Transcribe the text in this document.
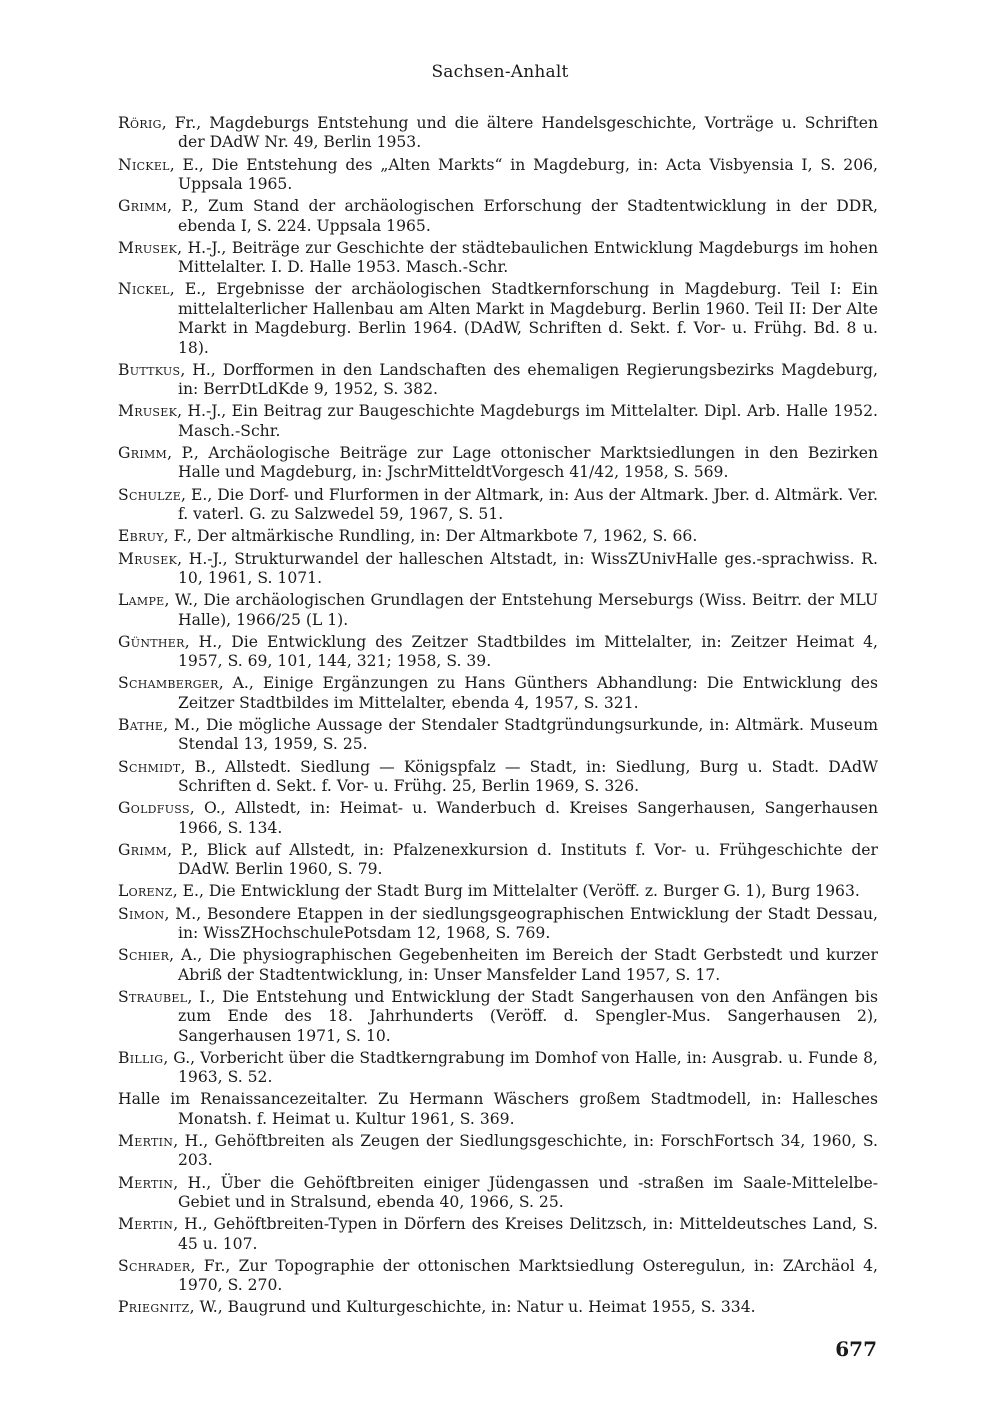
Sachsen-Anhalt
Rörig, Fr., Magdeburgs Entstehung und die ältere Handelsgeschichte, Vorträge u. Schriften der DAdW Nr. 49, Berlin 1953.
Nickel, E., Die Entstehung des „Alten Markts“ in Magdeburg, in: Acta Visbyensia I, S. 206, Uppsala 1965.
Grimm, P., Zum Stand der archäologischen Erforschung der Stadtentwicklung in der DDR, ebenda I, S. 224. Uppsala 1965.
Mrusek, H.-J., Beiträge zur Geschichte der städtebaulichen Entwicklung Magdeburgs im hohen Mittelalter. I. D. Halle 1953. Masch.-Schr.
Nickel, E., Ergebnisse der archäologischen Stadtkernforschung in Magdeburg. Teil I: Ein mittelalterlicher Hallenbau am Alten Markt in Magdeburg. Berlin 1960. Teil II: Der Alte Markt in Magdeburg. Berlin 1964. (DAdW, Schriften d. Sekt. f. Vor- u. Frühg. Bd. 8 u. 18).
Buttkus, H., Dorfformen in den Landschaften des ehemaligen Regierungsbezirks Magdeburg, in: BerrDtLdKde 9, 1952, S. 382.
Mrusek, H.-J., Ein Beitrag zur Baugeschichte Magdeburgs im Mittelalter. Dipl. Arb. Halle 1952. Masch.-Schr.
Grimm, P., Archäologische Beiträge zur Lage ottonischer Marktsiedlungen in den Bezirken Halle und Magdeburg, in: JschrMitteldtVorgesch 41/42, 1958, S. 569.
Schulze, E., Die Dorf- und Flurformen in der Altmark, in: Aus der Altmark. Jber. d. Altmärk. Ver. f. vaterl. G. zu Salzwedel 59, 1967, S. 51.
Ebruy, F., Der altmärkische Rundling, in: Der Altmarkbote 7, 1962, S. 66.
Mrusek, H.-J., Strukturwandel der halleschen Altstadt, in: WissZUnivHalle ges.-sprachwiss. R. 10, 1961, S. 1071.
Lampe, W., Die archäologischen Grundlagen der Entstehung Merseburgs (Wiss. Beitrr. der MLU Halle), 1966/25 (L 1).
Günther, H., Die Entwicklung des Zeitzer Stadtbildes im Mittelalter, in: Zeitzer Heimat 4, 1957, S. 69, 101, 144, 321; 1958, S. 39.
Schamberger, A., Einige Ergänzungen zu Hans Günthers Abhandlung: Die Entwicklung des Zeitzer Stadtbildes im Mittelalter, ebenda 4, 1957, S. 321.
Bathe, M., Die mögliche Aussage der Stendaler Stadtgründungsurkunde, in: Altmärk. Museum Stendal 13, 1959, S. 25.
Schmidt, B., Allstedt. Siedlung — Königspfalz — Stadt, in: Siedlung, Burg u. Stadt. DAdW Schriften d. Sekt. f. Vor- u. Frühg. 25, Berlin 1969, S. 326.
Goldfuss, O., Allstedt, in: Heimat- u. Wanderbuch d. Kreises Sangerhausen, Sangerhausen 1966, S. 134.
Grimm, P., Blick auf Allstedt, in: Pfalzenexkursion d. Instituts f. Vor- u. Frühgeschichte der DAdW. Berlin 1960, S. 79.
Lorenz, E., Die Entwicklung der Stadt Burg im Mittelalter (Veröff. z. Burger G. 1), Burg 1963.
Simon, M., Besondere Etappen in der siedlungsgeographischen Entwicklung der Stadt Dessau, in: WissZHochschulePotsdam 12, 1968, S. 769.
Schier, A., Die physiographischen Gegebenheiten im Bereich der Stadt Gerbstedt und kurzer Abriß der Stadtentwicklung, in: Unser Mansfelder Land 1957, S. 17.
Straubel, I., Die Entstehung und Entwicklung der Stadt Sangerhausen von den Anfängen bis zum Ende des 18. Jahrhunderts (Veröff. d. Spengler-Mus. Sangerhausen 2), Sangerhausen 1971, S. 10.
Billig, G., Vorbericht über die Stadtkerngrabung im Domhof von Halle, in: Ausgrab. u. Funde 8, 1963, S. 52.
Halle im Renaissancezeitalter. Zu Hermann Wäschers großem Stadtmodell, in: Hallesches Monatsh. f. Heimat u. Kultur 1961, S. 369.
Mertin, H., Gehöftbreiten als Zeugen der Siedlungsgeschichte, in: ForschFortsch 34, 1960, S. 203.
Mertin, H., Über die Gehöftbreiten einiger Jüdengassen und -straßen im Saale-Mittelelbe-Gebiet und in Stralsund, ebenda 40, 1966, S. 25.
Mertin, H., Gehöftbreiten-Typen in Dörfern des Kreises Delitzsch, in: Mitteldeutsches Land, S. 45 u. 107.
Schrader, Fr., Zur Topographie der ottonischen Marktsiedlung Osteregulun, in: ZArchäol 4, 1970, S. 270.
Priegnitz, W., Baugrund und Kulturgeschichte, in: Natur u. Heimat 1955, S. 334.
677
